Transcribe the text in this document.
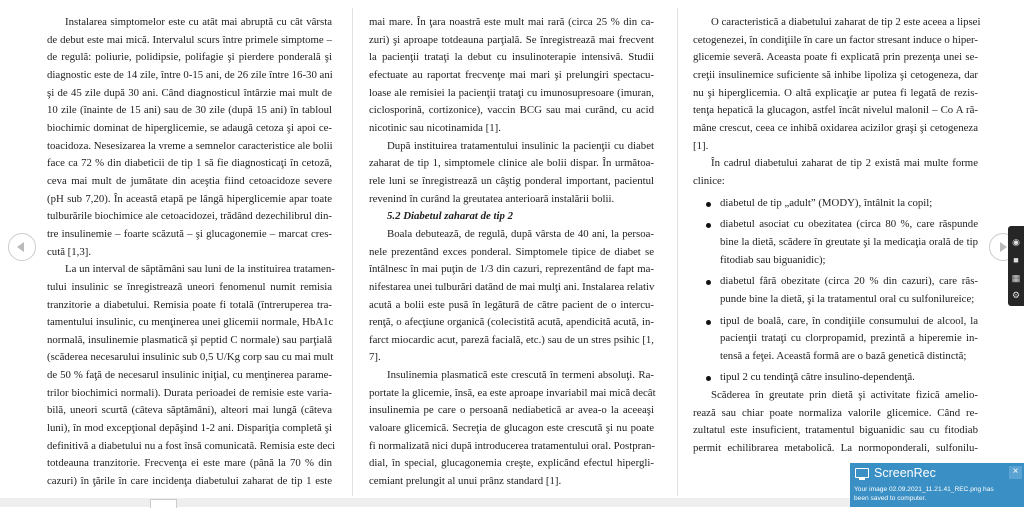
Instalarea simptomelor este cu atât mai abruptă cu cât vârsta
de debut este mai mică. Intervalul scurs între primele simptome –
de regulă: poliurie, polidipsie, polifagie şi pierdere ponderală şi
diagnostic este de 14 zile, între 0-15 ani, de 26 zile între 16-30 ani
şi de 45 zile după 30 ani. Când diagnosticul întârzie mai mult de
10 zile (înainte de 15 ani) sau de 30 zile (după 15 ani) în tabloul
biochimic dominat de hiperglicemie, se adaugă cetoza şi apoi ce-
toacidoza. Nesesizarea la vreme a semnelor caracteristice ale bolii
face ca 72 % din diabeticii de tip 1 să fie diagnosticaţi în cetoză,
ceva mai mult de jumătate din aceştia fiind cetoacidoze severe
(pH sub 7,20). În această etapă pe lângă hiperglicemie apar toate
tulburările biochimice ale cetoacidozei, trădând dezechilibrul din-
tre insulinemie – foarte scăzută – şi glucagonemie – marcat cres-
cută [1,3].
La un interval de săptămâni sau luni de la instituirea tratamen-
tului insulinic se înregistrează uneori fenomenul numit remisia
tranzitorie a diabetului. Remisia poate fi totală (întreruperea tra-
tamentului insulinic, cu menţinerea unei glicemii normale, HbA1c
normală, insulinemie plasmatică şi peptid C normale) sau parţială
(scăderea necesarului insulinic sub 0,5 U/Kg corp sau cu mai mult
de 50 % faţă de necesarul insulinic iniţial, cu menţinerea parame-
trilor biochimici normali). Durata perioadei de remisie este varia-
bilă, uneori scurtă (câteva săptămâni), alteori mai lungă (câteva
luni), în mod excepţional depăşind 1-2 ani. Dispariţia completă şi
definitivă a diabetului nu a fost însă comunicată. Remisia este deci
totdeauna tranzitorie. Frecvenţa ei este mare (până la 70 % din
cazuri) în ţările în care incidenţa diabetului zaharat de tip 1 este
mai mare. În ţara noastră este mult mai rară (circa 25 % din ca-
zuri) şi aproape totdeauna parţială. Se înregistrează mai frecvent
la pacienţii trataţi la debut cu insulinoterapie intensivă. Studii
efectuate au raportat frecvenţe mai mari şi prelungiri spectacu-
loase ale remisiei la pacienţii trataţi cu imunosupresoare (imuran,
ciclosporină, cortizonice), vaccin BCG sau mai curând, cu acid
nicotinic sau nicotinamida [1].
După instituirea tratamentului insulinic la pacienţii cu diabet
zaharat de tip 1, simptomele clinice ale bolii dispar. În următoa-
rele luni se înregistrează un câştig ponderal important, pacientul
revenind în curând la greutatea anterioară instalării bolii.
5.2 Diabetul zaharat de tip 2
Boala debutează, de regulă, după vârsta de 40 ani, la persoa-
nele prezentând exces ponderal. Simptomele tipice de diabet se
întâlnesc în mai puţin de 1/3 din cazuri, reprezentând de fapt ma-
nifestarea unei tulburări datând de mai mulţi ani. Instalarea relativ
acută a bolii este pusă în legătură de către pacient de o intercu-
renţă, o afecţiune organică (colecistită acută, apendicită acută, in-
farct miocardic acut, pareză facială, etc.) sau de un stres psihic [1,
7].
Insulinemia plasmatică este crescută în termeni absoluţi. Ra-
portate la glicemie, însă, ea este aproape invariabil mai mică decât
insulinemia pe care o persoană nediabetică ar avea-o la aceeaşi
valoare glicemică. Secreţia de glucagon este crescută şi nu poate
fi normalizată nici după introducerea tratamentului oral. Postpran-
dial, în special, glucagonemia creşte, explicând efectul hipergli-
cemiant prelungit al unui prânz standard [1].
O caracteristică a diabetului zaharat de tip 2 este aceea a lipsei
cetogenezei, în condiţiile în care un factor stresant induce o hiper-
glicemie severă. Aceasta poate fi explicată prin prezenţa unei se-
creţii insulinemice suficiente să inhibe lipoliza şi cetogeneza, dar
nu şi hiperglicemia. O altă explicaţie ar putea fi legată de rezis-
tenţa hepatică la glucagon, astfel încât nivelul malonil – Co A ră-
mâne crescut, ceea ce inhibă oxidarea acizilor graşi şi cetogeneza
[1].
În cadrul diabetului zaharat de tip 2 există mai multe forme
clinice:
diabetul de tip „adult” (MODY), întâlnit la copil;
diabetul asociat cu obezitatea (circa 80 %, care răspunde
bine la dietă, scădere în greutate şi la medicaţia orală de tip
fitodiab sau biguanidic);
diabetul fără obezitate (circa 20 % din cazuri), care răs-
punde bine la dietă, şi la tratamentul oral cu sulfonilureice;
tipul de boală, care, în condiţiile consumului de alcool, la
pacienţii trataţi cu clorpropamid, prezintă a hiperemie in-
tensă a feţei. Această formă are o bază genetică distinctă;
tipul 2 cu tendinţă către insulino-dependenţă.
Scăderea în greutate prin dietă şi activitate fizică amelio-
rează sau chiar poate normaliza valorile glicemice. Când re-
zultatul este insuficient, tratamentul biguanidic sau cu fitodiab
permit echilibrarea metabolică. La normoponderali, sulfonilu-
◉
■
▦
⚙
ScreenRec	×
Your image 02.09.2021_11.21.41_REC.png has been saved to computer.
